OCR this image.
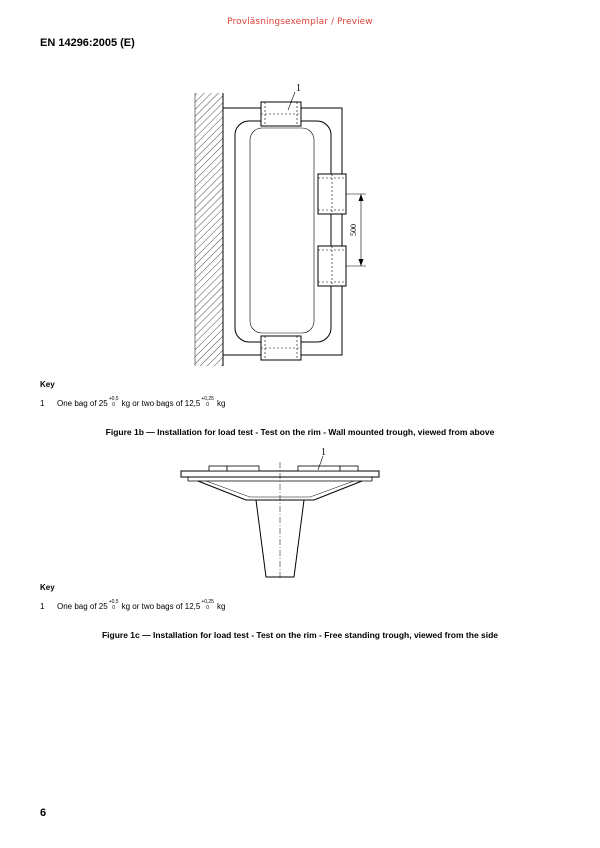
Provläsningsexemplar / Preview
EN 14296:2005 (E)
500
1
Key
1	One bag of 25 +0,5
0 kg or two bags of 12,5 +0,25
0 kg
Figure 1b — Installation for load test - Test on the rim - Wall mounted trough, viewed from above
1
Key
1	One bag of 25 +0,5
0 kg or two bags of 12,5 +0,25
0 kg
Figure 1c — Installation for load test - Test on the rim - Free standing trough, viewed from the side
6
